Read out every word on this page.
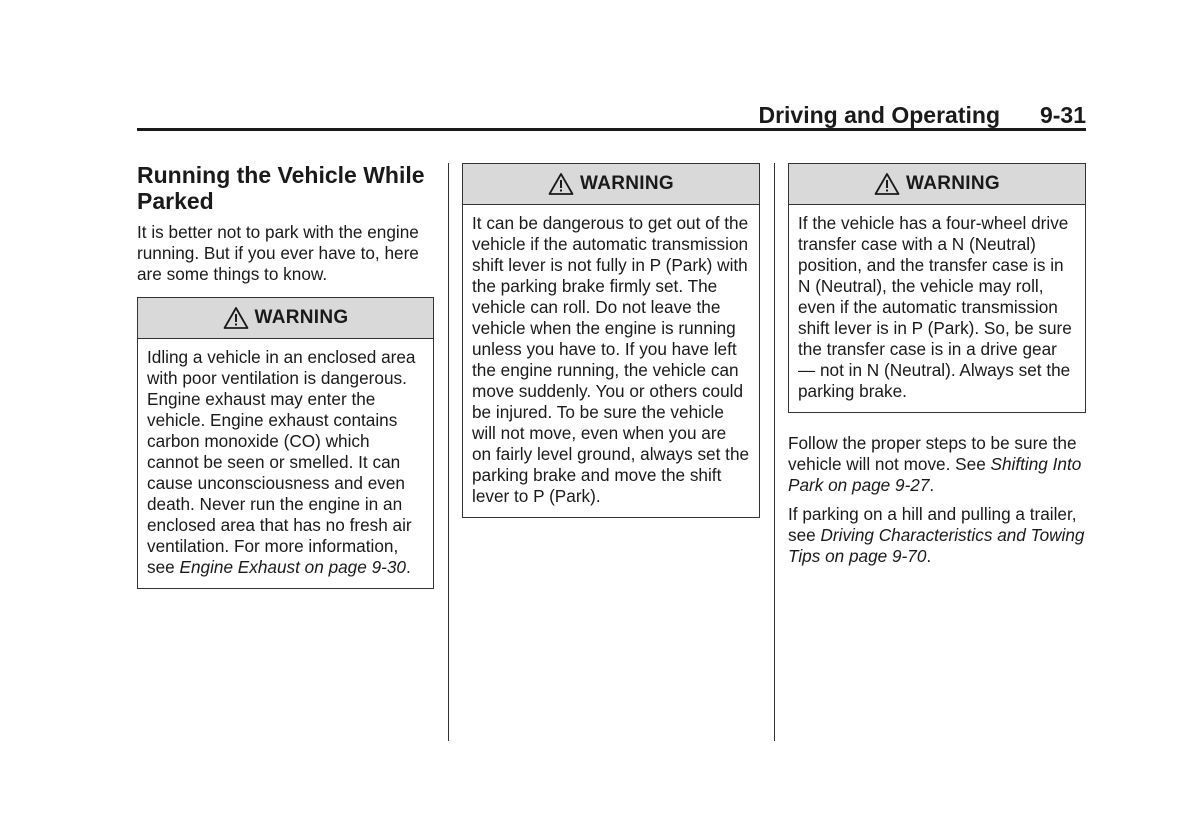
Driving and Operating 9-31
Running the Vehicle While Parked

It is better not to park with the engine running. But if you ever have to, here are some things to know.

WARNING
Idling a vehicle in an enclosed area with poor ventilation is dangerous. Engine exhaust may enter the vehicle. Engine exhaust contains carbon monoxide (CO) which cannot be seen or smelled. It can cause unconsciousness and even death. Never run the engine in an enclosed area that has no fresh air ventilation. For more information, see Engine Exhaust on page 9-30.
WARNING
It can be dangerous to get out of the vehicle if the automatic transmission shift lever is not fully in P (Park) with the parking brake firmly set. The vehicle can roll. Do not leave the vehicle when the engine is running unless you have to. If you have left the engine running, the vehicle can move suddenly. You or others could be injured. To be sure the vehicle will not move, even when you are on fairly level ground, always set the parking brake and move the shift lever to P (Park).
WARNING
If the vehicle has a four-wheel drive transfer case with a N (Neutral) position, and the transfer case is in N (Neutral), the vehicle may roll, even if the automatic transmission shift lever is in P (Park). So, be sure the transfer case is in a drive gear — not in N (Neutral). Always set the parking brake.

Follow the proper steps to be sure the vehicle will not move. See Shifting Into Park on page 9-27.

If parking on a hill and pulling a trailer, see Driving Characteristics and Towing Tips on page 9-70.
